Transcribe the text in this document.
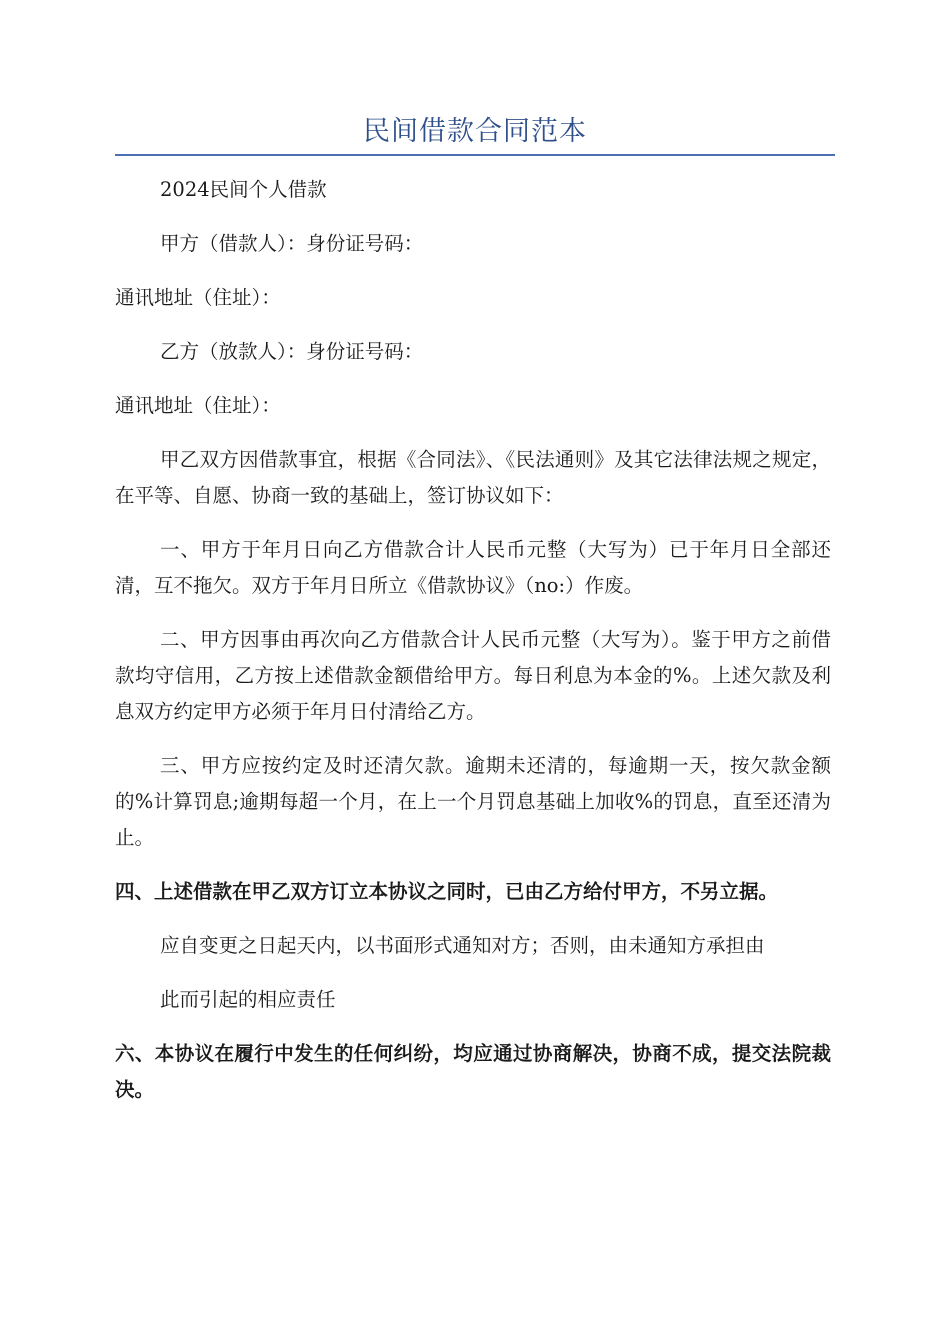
民间借款合同范本

2024民间个人借款

甲方（借款人）：身份证号码：

通讯地址（住址）：

乙方（放款人）：身份证号码：

通讯地址（住址）：

甲乙双方因借款事宜，根据《合同法》、《民法通则》及其它法律法规之规定，在平等、自愿、协商一致的基础上，签订协议如下：

一、甲方于年月日向乙方借款合计人民币元整（大写为）已于年月日全部还清，互不拖欠。双方于年月日所立《借款协议》（no:）作废。

二、甲方因事由再次向乙方借款合计人民币元整（大写为）。鉴于甲方之前借款均守信用，乙方按上述借款金额借给甲方。每日利息为本金的%。上述欠款及利息双方约定甲方必须于年月日付清给乙方。

三、甲方应按约定及时还清欠款。逾期未还清的，每逾期一天，按欠款金额的%计算罚息;逾期每超一个月，在上一个月罚息基础上加收%的罚息，直至还清为止。

四、上述借款在甲乙双方订立本协议之同时，已由乙方给付甲方，不另立据。

应自变更之日起天内，以书面形式通知对方；否则，由未通知方承担由

此而引起的相应责任

六、本协议在履行中发生的任何纠纷，均应通过协商解决，协商不成，提交法院裁决。
